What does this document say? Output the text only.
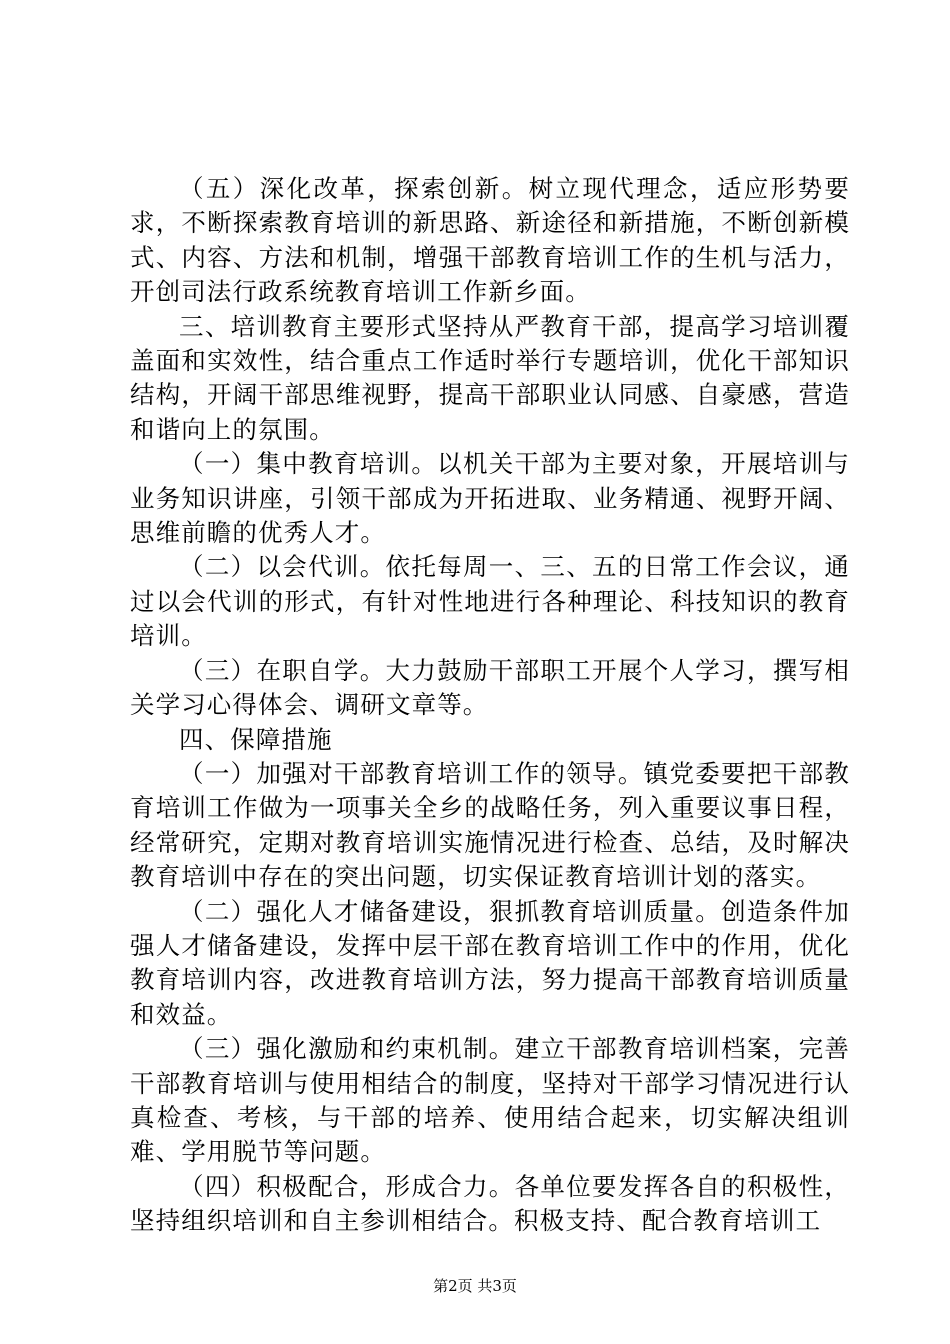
（五）深化改革，探索创新。树立现代理念，适应形势要求，不断探索教育培训的新思路、新途径和新措施，不断创新模式、内容、方法和机制，增强干部教育培训工作的生机与活力，开创司法行政系统教育培训工作新乡面。

三、培训教育主要形式坚持从严教育干部，提高学习培训覆盖面和实效性，结合重点工作适时举行专题培训，优化干部知识结构，开阔干部思维视野，提高干部职业认同感、自豪感，营造和谐向上的氛围。

（一）集中教育培训。以机关干部为主要对象，开展培训与业务知识讲座，引领干部成为开拓进取、业务精通、视野开阔、思维前瞻的优秀人才。

（二）以会代训。依托每周一、三、五的日常工作会议，通过以会代训的形式，有针对性地进行各种理论、科技知识的教育培训。

（三）在职自学。大力鼓励干部职工开展个人学习，撰写相关学习心得体会、调研文章等。

四、保障措施

（一）加强对干部教育培训工作的领导。镇党委要把干部教育培训工作做为一项事关全乡的战略任务，列入重要议事日程，经常研究，定期对教育培训实施情况进行检查、总结，及时解决教育培训中存在的突出问题，切实保证教育培训计划的落实。

（二）强化人才储备建设，狠抓教育培训质量。创造条件加强人才储备建设，发挥中层干部在教育培训工作中的作用，优化教育培训内容，改进教育培训方法，努力提高干部教育培训质量和效益。

（三）强化激励和约束机制。建立干部教育培训档案，完善干部教育培训与使用相结合的制度，坚持对干部学习情况进行认真检查、考核，与干部的培养、使用结合起来，切实解决组训难、学用脱节等问题。

（四）积极配合，形成合力。各单位要发挥各自的积极性，坚持组织培训和自主参训相结合。积极支持、配合教育培训工

第2页 共3页
